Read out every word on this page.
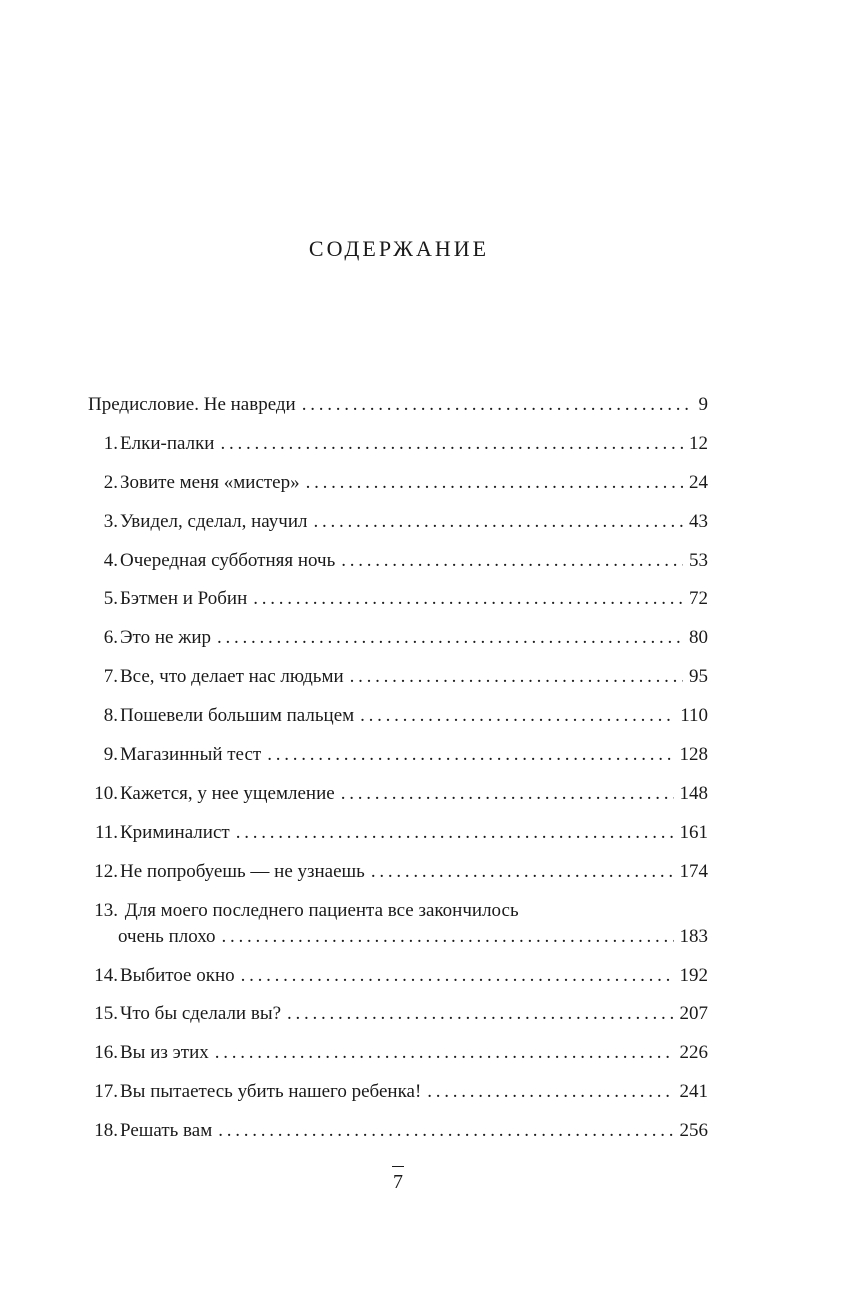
СОДЕРЖАНИЕ
Предисловие. Не навреди . . .	9
1. Елки-палки . . .	12
2. Зовите меня «мистер» . . .	24
3. Увидел, сделал, научил . . .	43
4. Очередная субботняя ночь . . .	53
5. Бэтмен и Робин . . .	72
6. Это не жир . . .	80
7. Все, что делает нас людьми . . .	95
8. Пошевели большим пальцем . . .	110
9. Магазинный тест . . .	128
10. Кажется, у нее ущемление . . .	148
11. Криминалист . . .	161
12. Не попробуешь — не узнаешь . . .	174
13. Для моего последнего пациента все закончилось
очень плохо . . .	183
14. Выбитое окно . . .	192
15. Что бы сделали вы? . . .	207
16. Вы из этих . . .	226
17. Вы пытаетесь убить нашего ребенка! . . .	241
18. Решать вам . . .	256
7
